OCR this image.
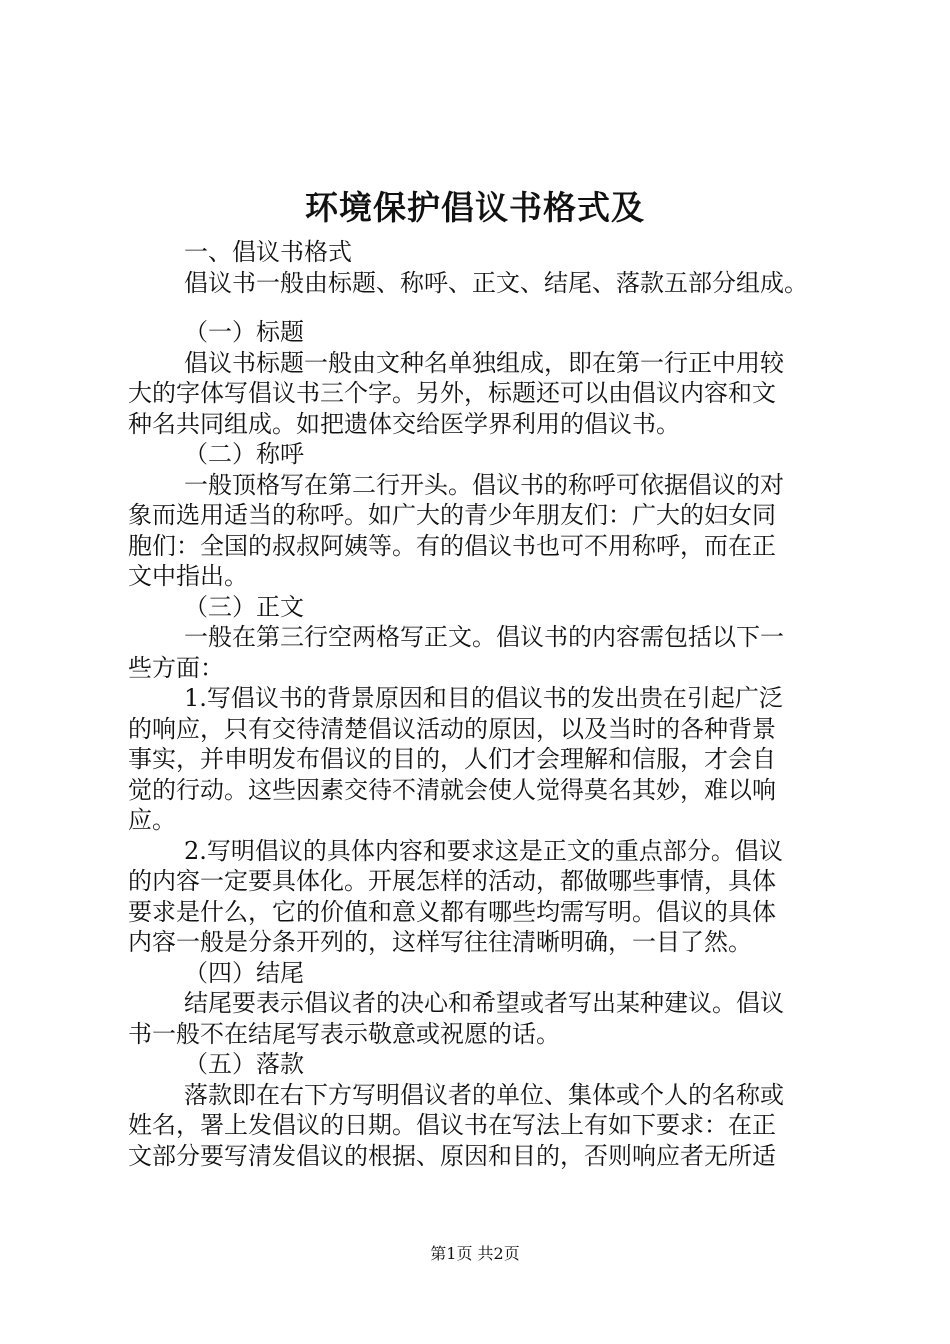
环境保护倡议书格式及
一、倡议书格式
倡议书一般由标题、称呼、正文、结尾、落款五部分组成。
（一）标题
倡议书标题一般由文种名单独组成，即在第一行正中用较
大的字体写倡议书三个字。另外，标题还可以由倡议内容和文
种名共同组成。如把遗体交给医学界利用的倡议书。
（二）称呼
一般顶格写在第二行开头。倡议书的称呼可依据倡议的对
象而选用适当的称呼。如广大的青少年朋友们：广大的妇女同
胞们：全国的叔叔阿姨等。有的倡议书也可不用称呼，而在正
文中指出。
（三）正文
一般在第三行空两格写正文。倡议书的内容需包括以下一
些方面：
1.写倡议书的背景原因和目的倡议书的发出贵在引起广泛
的响应，只有交待清楚倡议活动的原因，以及当时的各种背景
事实，并申明发布倡议的目的，人们才会理解和信服，才会自
觉的行动。这些因素交待不清就会使人觉得莫名其妙，难以响
应。
2.写明倡议的具体内容和要求这是正文的重点部分。倡议
的内容一定要具体化。开展怎样的活动，都做哪些事情，具体
要求是什么，它的价值和意义都有哪些均需写明。倡议的具体
内容一般是分条开列的，这样写往往清晰明确，一目了然。
（四）结尾
结尾要表示倡议者的决心和希望或者写出某种建议。倡议
书一般不在结尾写表示敬意或祝愿的话。
（五）落款
落款即在右下方写明倡议者的单位、集体或个人的名称或
姓名，署上发倡议的日期。倡议书在写法上有如下要求：在正
文部分要写清发倡议的根据、原因和目的，否则响应者无所适
第1页 共2页
